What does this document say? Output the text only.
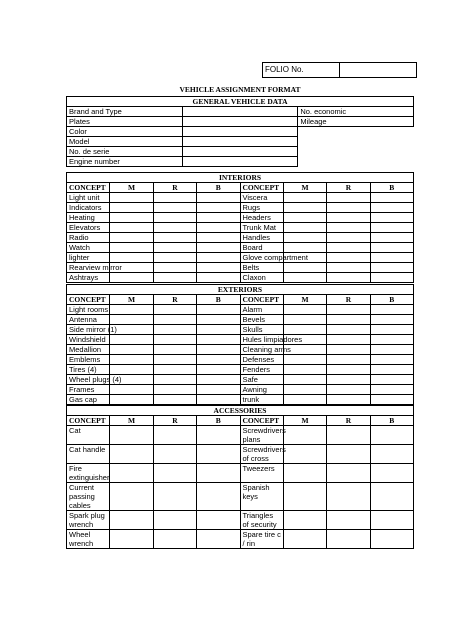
FOLIO No.	
VEHICLE ASSIGNMENT FORMAT
GENERAL VEHICLE DATA		
Brand and Type		No. economic
Plates		Mileage
Color		
Model		
No. de serie		
Engine number		
INTERIORS							
CONCEPT	M	R	B	CONCEPT	M	R	B
Light unit				Viscera			
Indicators				Rugs			
Heating				Headers			
Elevators				Trunk Mat			
Radio				Handles			
Watch				Board			
lighter				Glove compartment			
Rearview mirror				Belts			
Ashtrays				Claxon			
EXTERIORS							
CONCEPT	M	R	B	CONCEPT	M	R	B
Light rooms				Alarm			
Antenna				Bevels			
Side mirror (1)				Skulls			
Windshield				Hules limpiadores			
Medallion				Cleaning arms			
Emblems				Defenses			
Tires (4)				Fenders			
Wheel plugs (4)				Safe			
Frames				Awning			
Gas cap				trunk			
ACCESSORIES							
CONCEPT	M	R	B	CONCEPT	M	R	B
Cat				Screwdrivers plans			
Cat handle				Screwdrivers of cross			
Fire extinguisher				Tweezers			
Current passing cables				Spanish keys			
Spark plug wrench				Triangles of security			
Wheel wrench				Spare tire c / rin			
